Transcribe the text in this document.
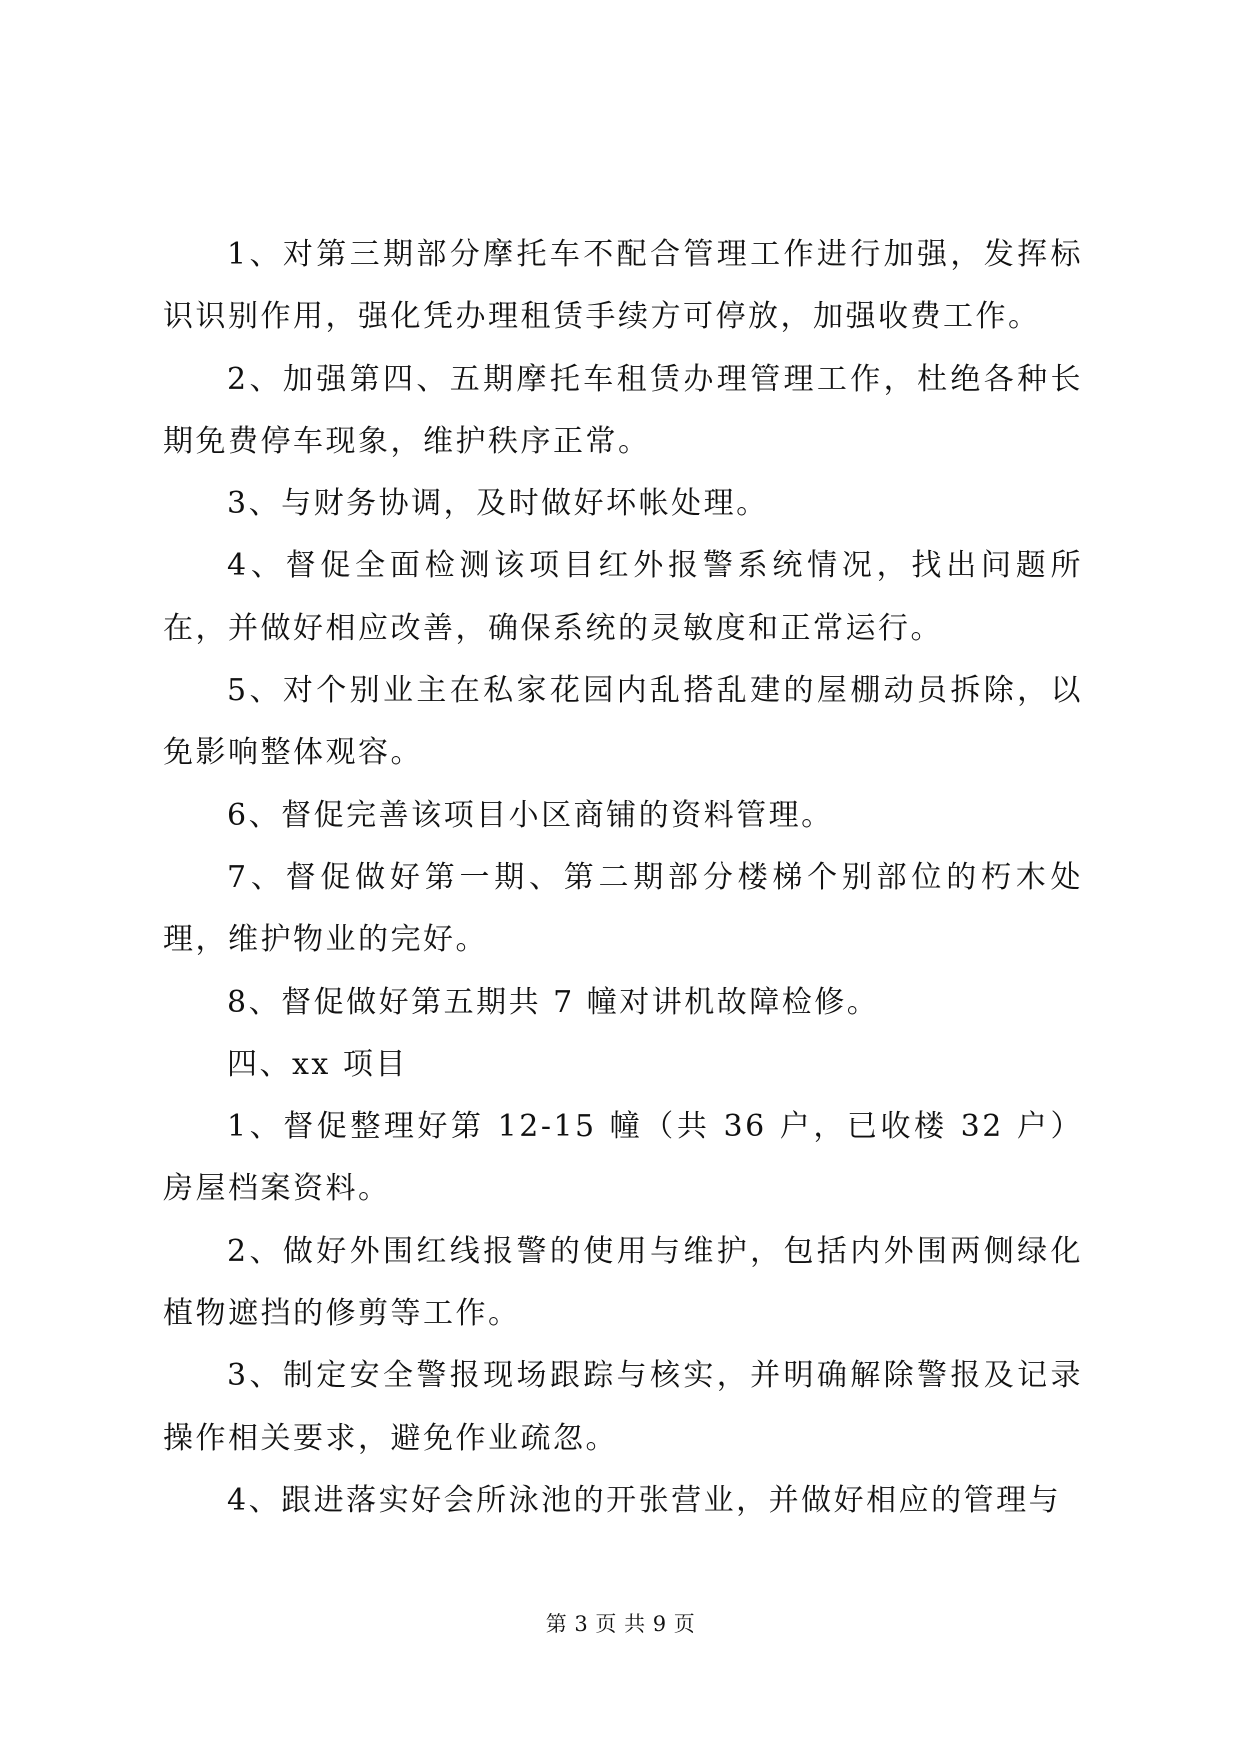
1、对第三期部分摩托车不配合管理工作进行加强，发挥标识识别作用，强化凭办理租赁手续方可停放，加强收费工作。

2、加强第四、五期摩托车租赁办理管理工作，杜绝各种长期免费停车现象，维护秩序正常。

3、与财务协调，及时做好坏帐处理。

4、督促全面检测该项目红外报警系统情况，找出问题所在，并做好相应改善，确保系统的灵敏度和正常运行。

5、对个别业主在私家花园内乱搭乱建的屋棚动员拆除，以免影响整体观容。

6、督促完善该项目小区商铺的资料管理。

7、督促做好第一期、第二期部分楼梯个别部位的朽木处理，维护物业的完好。

8、督促做好第五期共 7 幢对讲机故障检修。

四、xx 项目

1、督促整理好第 12-15 幢（共 36 户，已收楼 32 户）房屋档案资料。

2、做好外围红线报警的使用与维护，包括内外围两侧绿化植物遮挡的修剪等工作。

3、制定安全警报现场跟踪与核实，并明确解除警报及记录操作相关要求，避免作业疏忽。

4、跟进落实好会所泳池的开张营业，并做好相应的管理与

第 3 页 共 9 页
